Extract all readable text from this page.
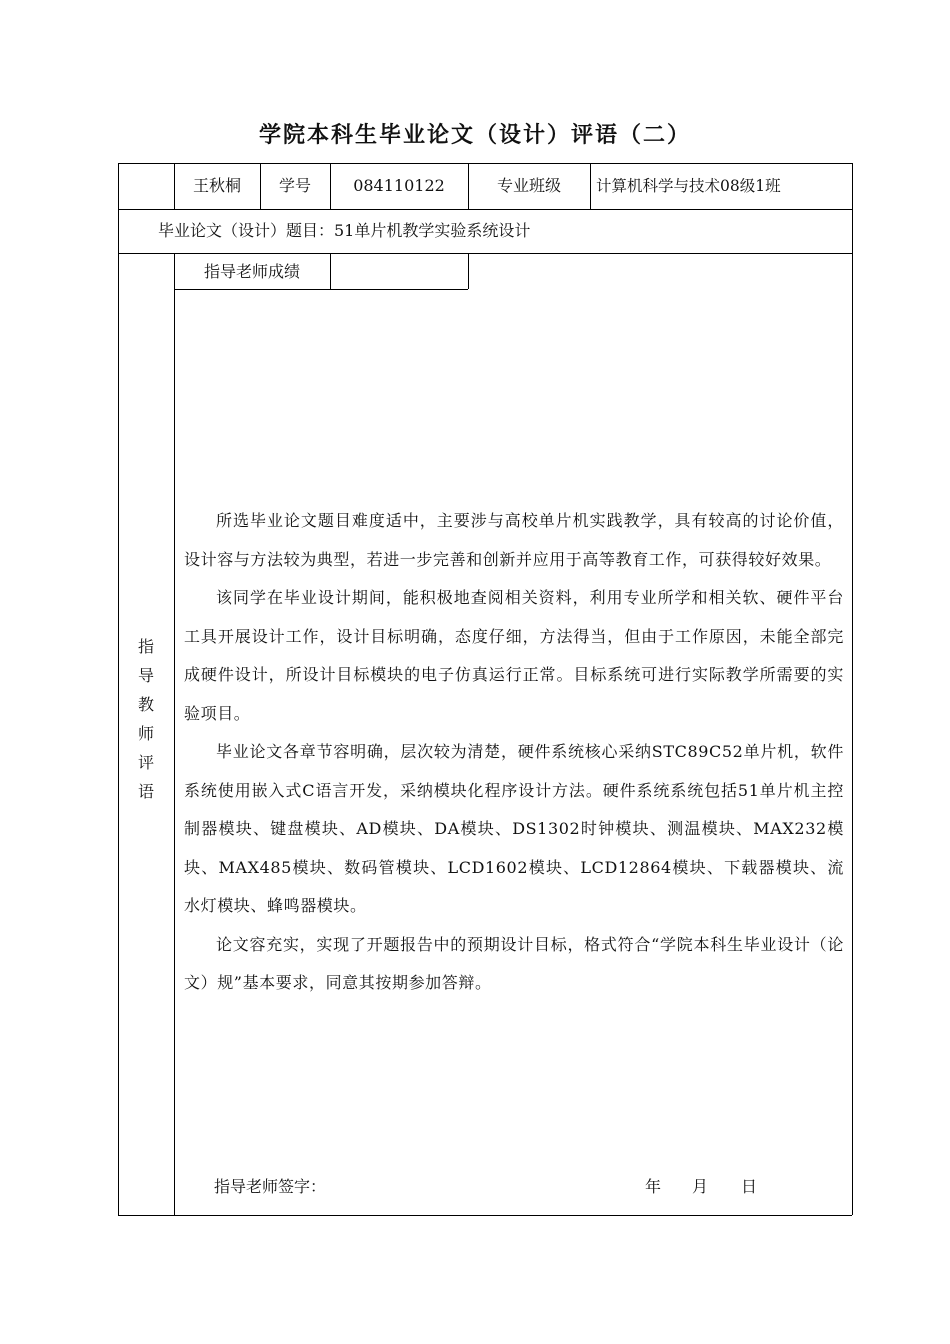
学院本科生毕业论文（设计）评语（二）
王秋桐	学号	084110122	专业班级	计算机科学与技术08级1班
毕业论文（设计）题目：51单片机教学实验系统设计
指导老师成绩
指
导
教
师
评
语

所选毕业论文题目难度适中，主要涉与高校单片机实践教学，具有较高的讨论价值，设计容与方法较为典型，若进一步完善和创新并应用于高等教育工作，可获得较好效果。

该同学在毕业设计期间，能积极地查阅相关资料，利用专业所学和相关软、硬件平台工具开展设计工作，设计目标明确，态度仔细，方法得当，但由于工作原因，未能全部完成硬件设计，所设计目标模块的电子仿真运行正常。目标系统可进行实际教学所需要的实验项目。

毕业论文各章节容明确，层次较为清楚，硬件系统核心采纳STC89C52单片机，软件系统使用嵌入式C语言开发，采纳模块化程序设计方法。硬件系统系统包括51单片机主控制器模块、键盘模块、AD模块、DA模块、DS1302时钟模块、测温模块、MAX232模块、MAX485模块、数码管模块、LCD1602模块、LCD12864模块、下载器模块、流水灯模块、蜂鸣器模块。

论文容充实，实现了开题报告中的预期设计目标，格式符合“学院本科生毕业设计（论文）规”基本要求，同意其按期参加答辩。

指导老师签字：	年 月 日
